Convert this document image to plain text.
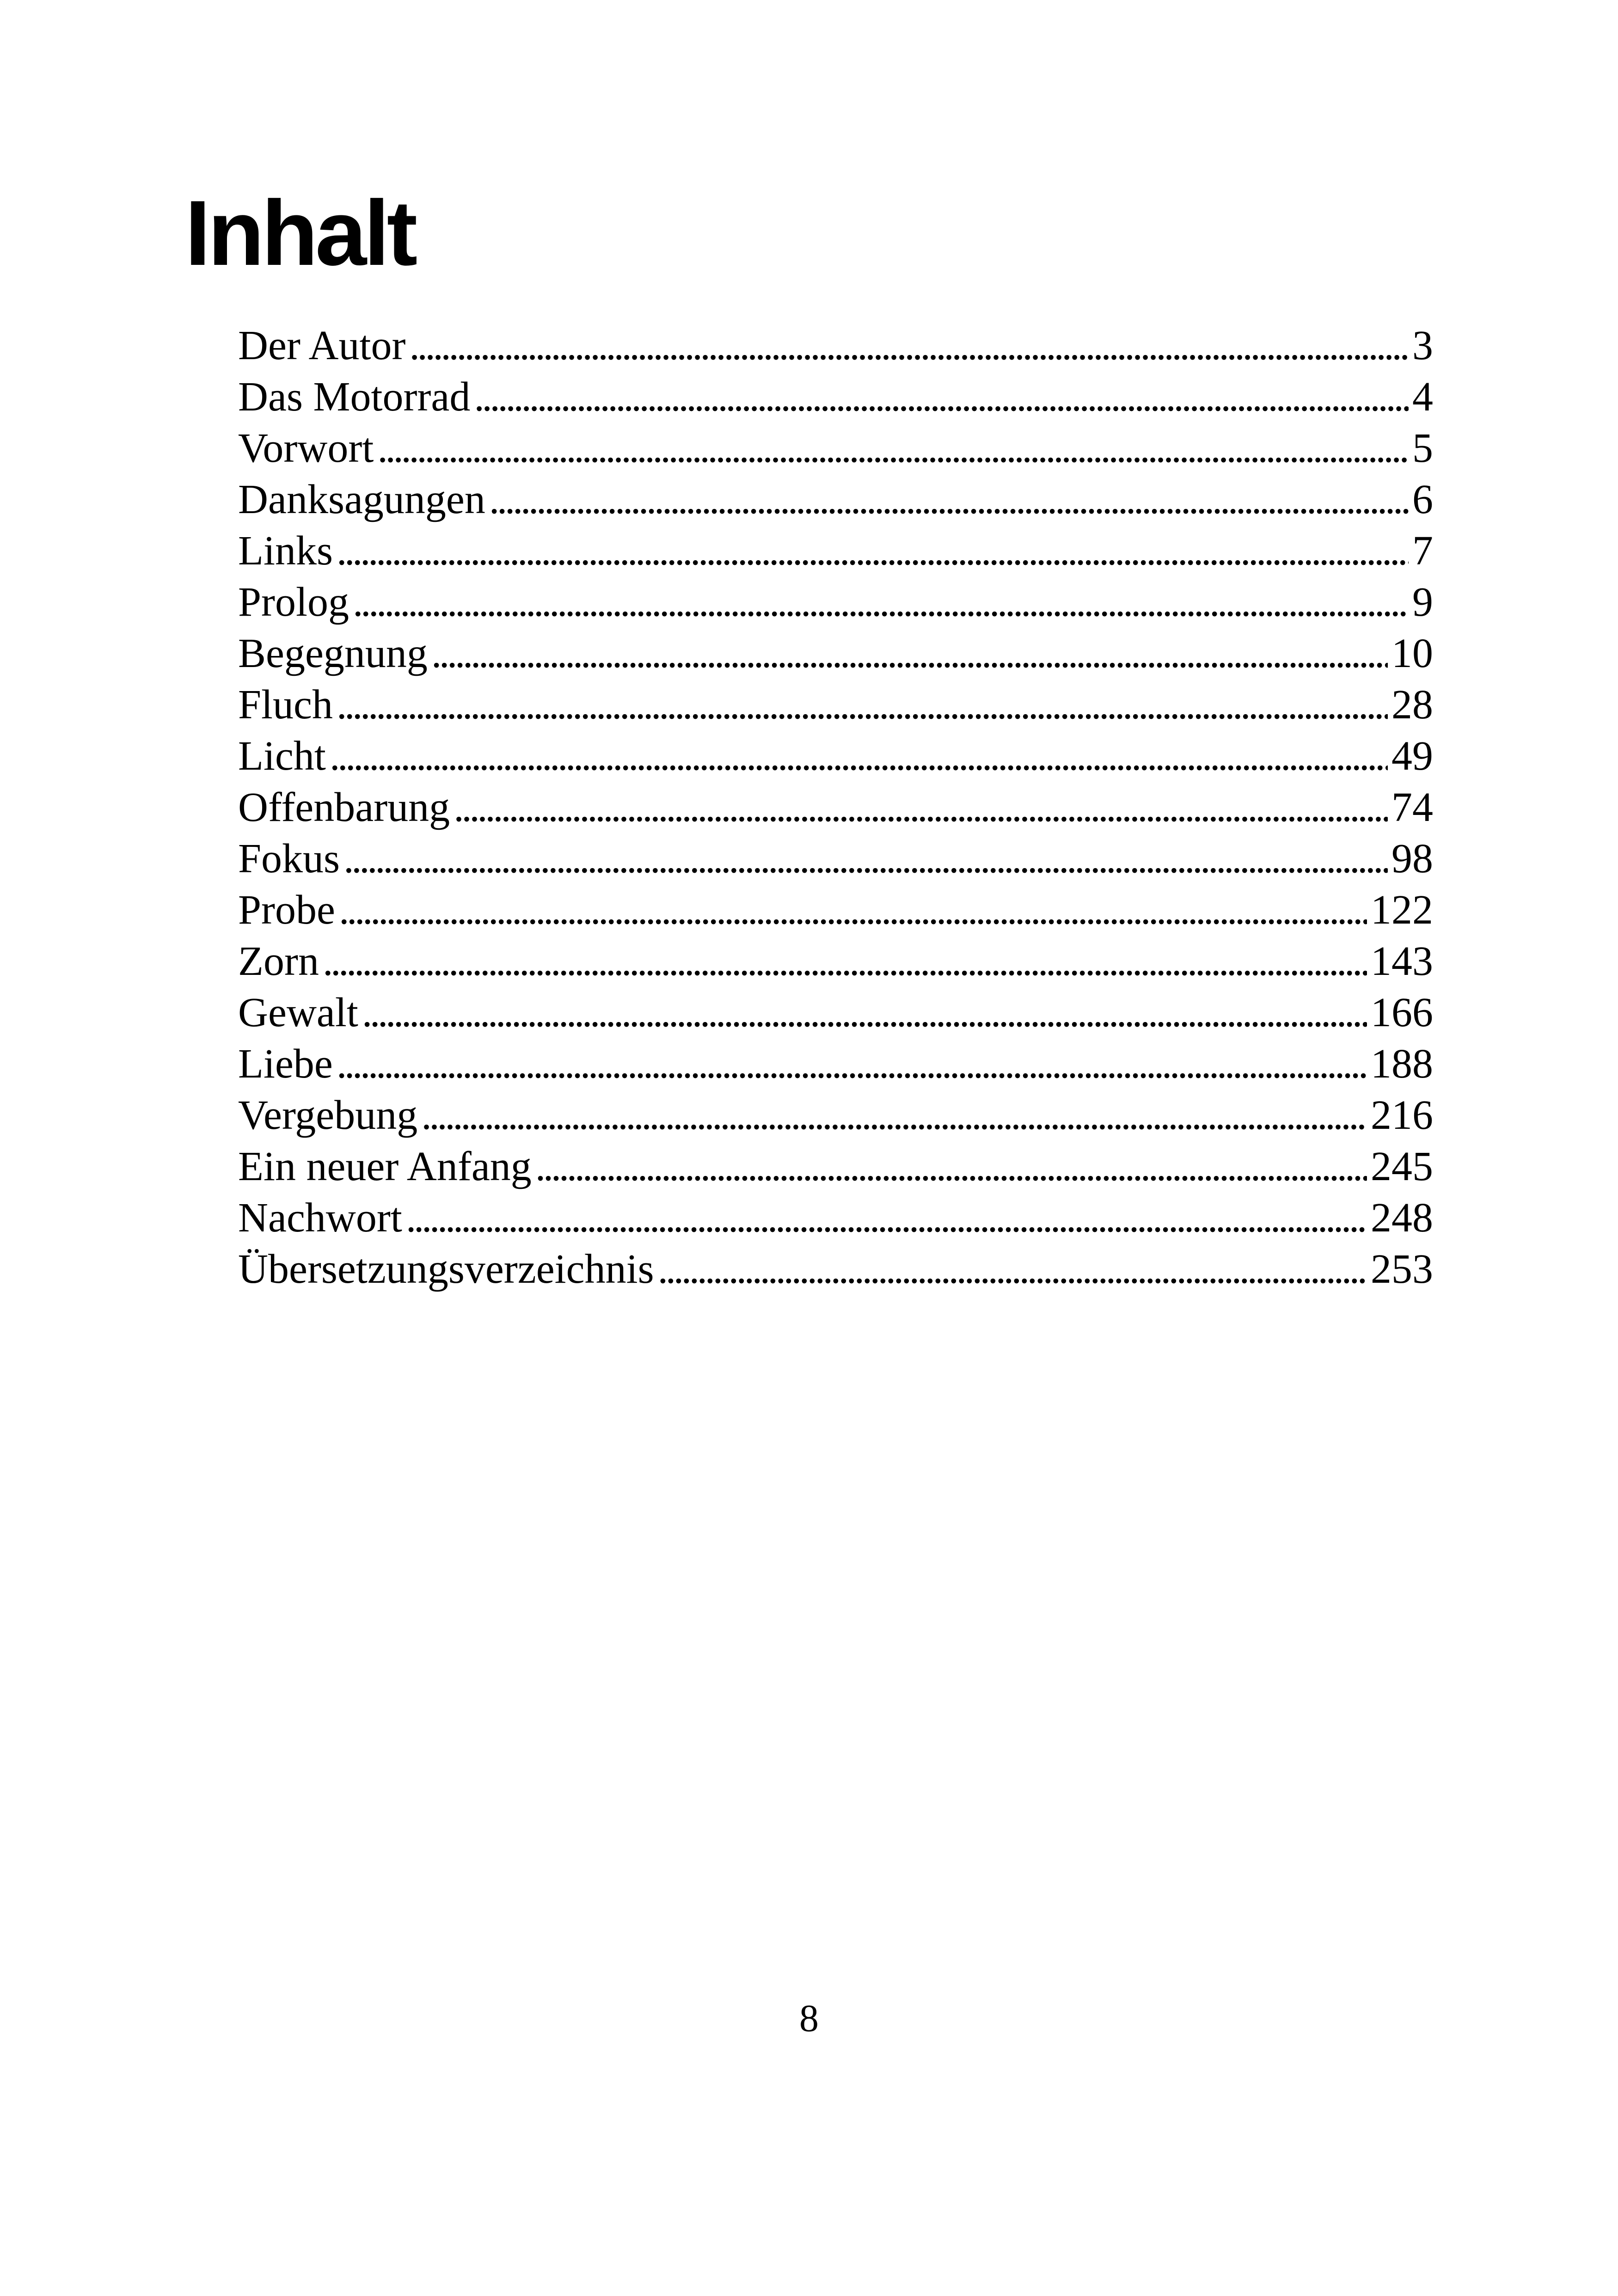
Inhalt
Der Autor . . .	3
Das Motorrad . . .	4
Vorwort . . .	5
Danksagungen . . .	6
Links . . .	7
Prolog . . .	9
Begegnung . . .	10
Fluch . . .	28
Licht . . .	49
Offenbarung . . .	74
Fokus . . .	98
Probe . . .	122
Zorn . . .	143
Gewalt . . .	166
Liebe . . .	188
Vergebung . . .	216
Ein neuer Anfang . . .	245
Nachwort . . .	248
Übersetzungsverzeichnis . . .	253
8
